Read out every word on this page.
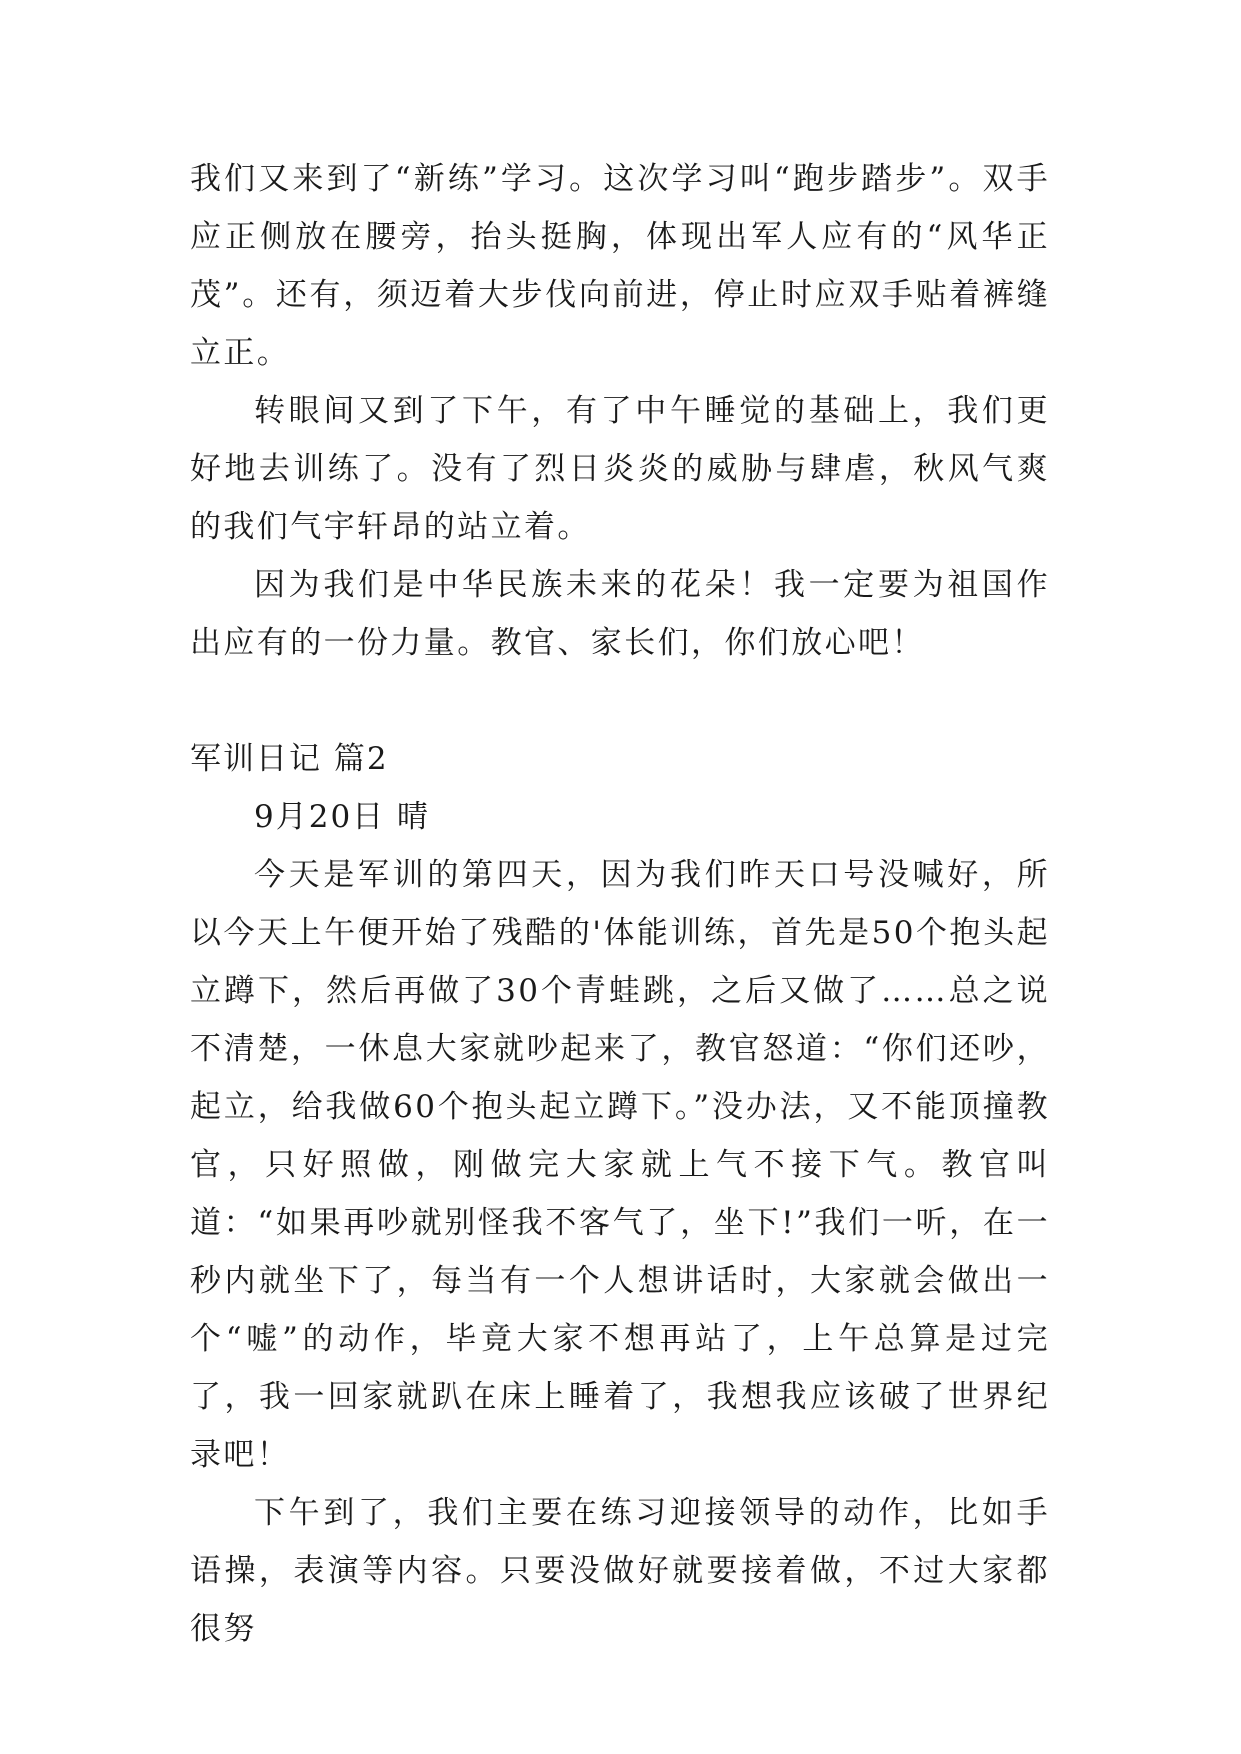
我们又来到了“新练”学习。这次学习叫“跑步踏步”。双手应正侧放在腰旁，抬头挺胸，体现出军人应有的“风华正茂”。还有，须迈着大步伐向前进，停止时应双手贴着裤缝立正。

转眼间又到了下午，有了中午睡觉的基础上，我们更好地去训练了。没有了烈日炎炎的威胁与肆虐，秋风气爽的我们气宇轩昂的站立着。

因为我们是中华民族未来的花朵！我一定要为祖国作出应有的一份力量。教官、家长们，你们放心吧！

军训日记 篇2

9月20日 晴

今天是军训的第四天，因为我们昨天口号没喊好，所以今天上午便开始了残酷的'体能训练，首先是50个抱头起立蹲下，然后再做了30个青蛙跳，之后又做了……总之说不清楚，一休息大家就吵起来了，教官怒道：“你们还吵，起立，给我做60个抱头起立蹲下。”没办法，又不能顶撞教官，只好照做，刚做完大家就上气不接下气。教官叫道：“如果再吵就别怪我不客气了，坐下!”我们一听，在一秒内就坐下了，每当有一个人想讲话时，大家就会做出一个“嘘”的动作，毕竟大家不想再站了，上午总算是过完了，我一回家就趴在床上睡着了，我想我应该破了世界纪录吧！

下午到了，我们主要在练习迎接领导的动作，比如手语操，表演等内容。只要没做好就要接着做，不过大家都很努
